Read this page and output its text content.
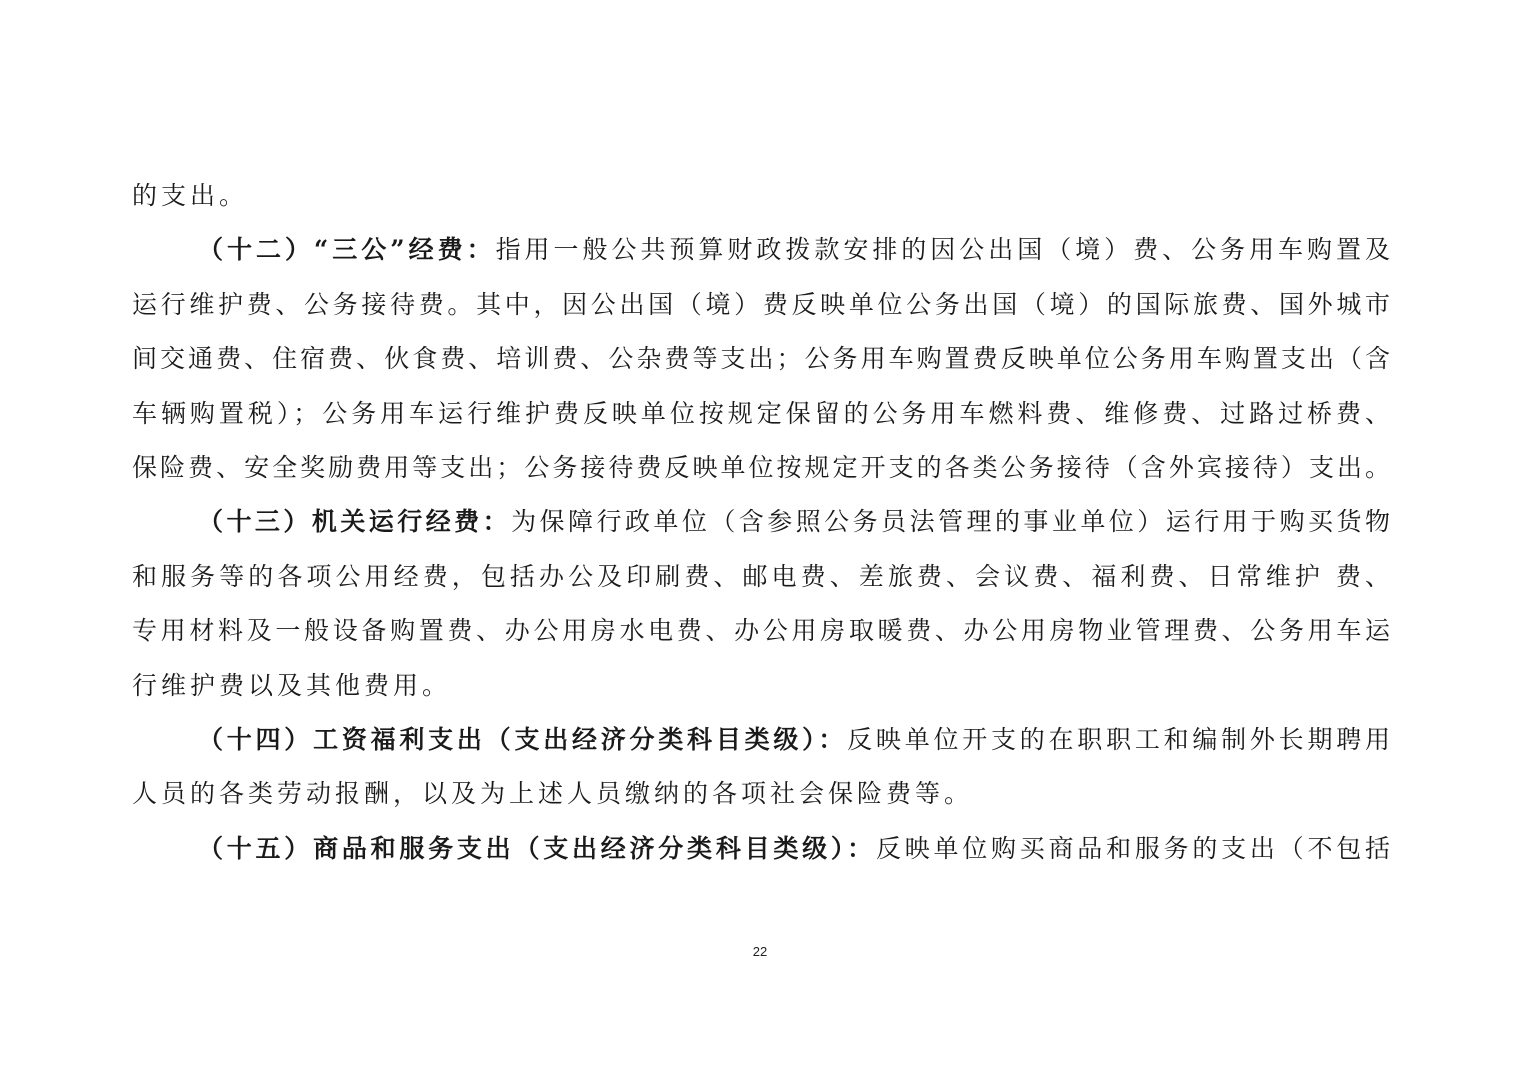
的支出。
（十二）“三公”经费：指用一般公共预算财政拨款安排的因公出国（境）费、公务用车购置及
运行维护费、公务接待费。其中，因公出国（境）费反映单位公务出国（境）的国际旅费、国外城市
间交通费、住宿费、伙食费、培训费、公杂费等支出；公务用车购置费反映单位公务用车购置支出（含
车辆购置税）；公务用车运行维护费反映单位按规定保留的公务用车燃料费、维修费、过路过桥费、
保险费、安全奖励费用等支出；公务接待费反映单位按规定开支的各类公务接待（含外宾接待）支出。
（十三）机关运行经费：为保障行政单位（含参照公务员法管理的事业单位）运行用于购买货物
和服务等的各项公用经费，包括办公及印刷费、邮电费、差旅费、会议费、福利费、日常维护 费、
专用材料及一般设备购置费、办公用房水电费、办公用房取暖费、办公用房物业管理费、公务用车运
行维护费以及其他费用。
（十四）工资福利支出（支出经济分类科目类级）：反映单位开支的在职职工和编制外长期聘用
人员的各类劳动报酬，以及为上述人员缴纳的各项社会保险费等。
（十五）商品和服务支出（支出经济分类科目类级）：反映单位购买商品和服务的支出（不包括
22
